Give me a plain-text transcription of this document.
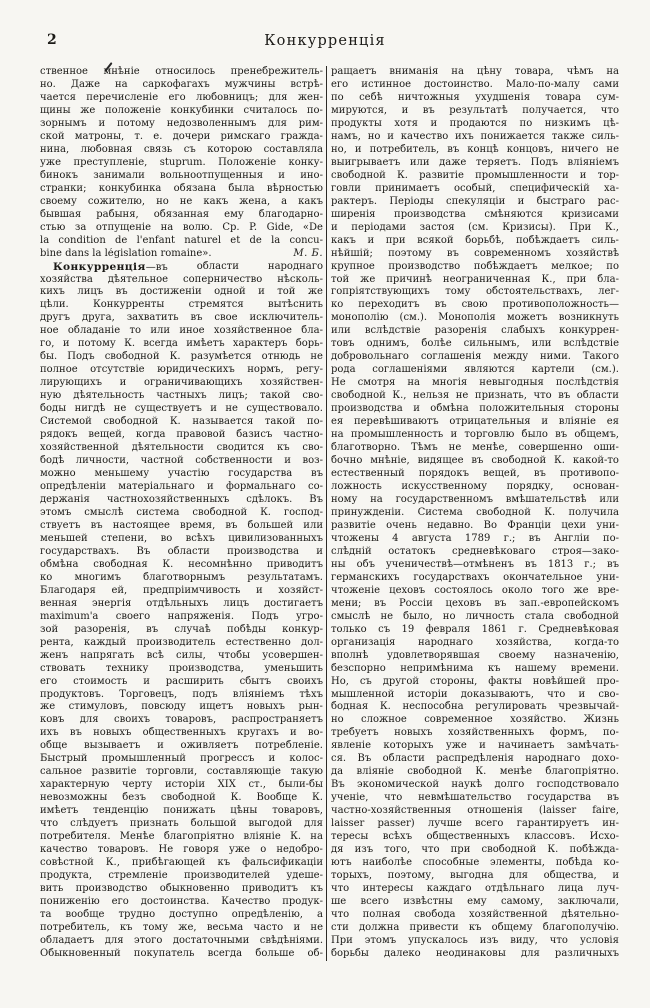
2	Конкурренція
ственное мнѣніе относилось пренебрежитель-
но. Даже на саркофагахъ мужчины встрѣ-
чается перечисленіе его любовницъ; для жен-
щины же положеніе конкубинки считалось по-
зорнымъ и потому недозволеннымъ для рим-
ской матроны, т. е. дочери римскаго гражда-
нина, любовная связь съ которою составляла
уже преступленіе, stuprum. Положеніе конку-
бинокъ занимали вольноотпущенныя и ино-
странки; конкубинка обязана была вѣрностью
своему сожителю, но не какъ жена, а какъ
бывшая рабыня, обязанная ему благодарно-
стью за отпущеніе на волю. Ср. P. Gide, «De
la condition de l'enfant naturel et de la concu-
bine dans la législation romaine».	М. Б.
Конкурренція—въ	области	народнаго
хозяйства дѣятельное соперничество нѣсколь-
кихъ лицъ въ достиженіи одной и той же
цѣли. Конкурренты стремятся вытѣснить
другъ друга, захватить въ свое исключитель-
ное обладаніе то или иное хозяйственное бла-
го, и потому К. всегда имѣетъ характеръ борь-
бы. Подъ свободной К. разумѣется отнюдь не
полное отсутствіе юридическихъ нормъ, регу-
лирующихъ и ограничивающихъ хозяйствен-
ную дѣятельность частныхъ лицъ; такой сво-
боды нигдѣ не существуетъ и не существовало.
Системой свободной К. называется такой по-
рядокъ вещей, когда правовой базисъ частно-
хозяйственной дѣятельности сводится къ сво-
бодѣ личности, частной собственности и воз-
можно меньшему участію государства въ
опредѣленіи матеріальнаго и формальнаго со-
держанія частнохозяйственныхъ сдѣлокъ. Въ
этомъ смыслѣ система свободной К. господ-
ствуетъ въ настоящее время, въ большей или
меньшей степени, во всѣхъ цивилизованныхъ
государствахъ. Въ области производства и
обмѣна свободная К. несомнѣнно приводитъ
ко многимъ благотворнымъ результатамъ.
Благодаря ей, предпріимчивость и хозяйст-
венная энергія отдѣльныхъ лицъ достигаетъ
maximum'а своего напряженія. Подъ угро-
зой разоренія, въ случаѣ побѣды конкур-
рента, каждый производитель естественно дол-
женъ напрягать всѣ силы, чтобы усовершен-
ствовать технику производства, уменьшить
его стоимость и расширить сбытъ своихъ
продуктовъ. Торговецъ, подъ вліяніемъ тѣхъ
же стимуловъ, повсюду ищетъ новыхъ рын-
ковъ для своихъ товаровъ, распространяетъ
ихъ въ новыхъ общественныхъ кругахъ и во-
обще вызываетъ и оживляетъ потребленіе.
Быстрый промышленный прогрессъ и колос-
сальное развитіе торговли, составляющіе такую
характерную черту исторіи XIX ст., были-бы
невозможны безъ свободной К. Вообще К.
имѣетъ тенденцію понижать цѣны товаровъ,
что слѣдуетъ признать большой выгодой для
потребителя. Менѣе благопріятно вліяніе К. на
качество товаровъ. Не говоря уже о недобро-
совѣстной К., прибѣгающей къ фальсификаціи
продукта, стремленіе производителей удеше-
вить производство обыкновенно приводитъ къ
пониженію его достоинства. Качество продук-
та вообще трудно доступно опредѣленію, а
потребитель, къ тому же, весьма часто и не
обладаетъ для этого достаточными свѣдѣніями.
Обыкновенный покупатель всегда больше об-
ращаетъ вниманія на цѣну товара, чѣмъ на
его истинное достоинство. Мало-по-малу сами
по себѣ ничтожныя ухудшенія товара сум-
мируются, и въ результатѣ получается, что
продукты хотя и продаются по низкимъ цѣ-
намъ, но и качество ихъ понижается также силь-
но, и потребитель, въ концѣ концовъ, ничего не
выигрываетъ или даже теряетъ. Подъ вліяніемъ
свободной К. развитіе промышленности и тор-
говли принимаетъ особый, специфическій ха-
рактеръ. Періоды спекуляціи и быстраго рас-
ширенія производства смѣняются кризисами
и періодами застоя (см. Кризисы). При К.,
какъ и при всякой борьбѣ, побѣждаетъ силь-
нѣйшій; поэтому въ современномъ хозяйствѣ
крупное производство побѣждаетъ мелкое; по
той же причинѣ неограниченная К., при бла-
гопріятствующихъ тому обстоятельствахъ, лег-
ко переходитъ въ свою противоположность—
монополію (см.). Монополія можетъ возникнуть
или вслѣдствіе разоренія слабыхъ конкуррен-
товъ однимъ, болѣе сильнымъ, или вслѣдствіе
добровольнаго соглашенія между ними. Такого
рода соглашеніями являются картели (см.).
Не смотря на многія невыгодныя послѣдствія
свободной К., нельзя не признать, что въ области
производства и обмѣна положительныя стороны
ея перевѣшиваютъ отрицательныя и вліяніе ея
на промышленность и торговлю было въ общемъ,
благотворно. Тѣмъ не менѣе, совершенно оши-
бочно мнѣніе, видящее въ свободной К. какой-то
естественный порядокъ вещей, въ противопо-
ложность искусственному порядку, основан-
ному на государственномъ вмѣшательствѣ или
принужденіи. Система свободной К. получила
развитіе очень недавно. Во Франціи цехи уни-
чтожены 4 августа 1789 г.; въ Англіи по-
слѣдній остатокъ средневѣковаго строя—зако-
ны объ ученичествѣ—отмѣненъ въ 1813 г.; въ
германскихъ государствахъ окончательное уни-
чтоженіе цеховъ состоялось около того же вре-
мени; въ Россіи цеховъ въ зап.-европейскомъ
смыслѣ не было, но личность стала свободной
только съ 19 февраля 1861 г. Средневѣковая
организація народнаго хозяйства, когда-то
вполнѣ удовлетворявшая своему назначенію,
безспорно непримѣнима къ нашему времени.
Но, съ другой стороны, факты новѣйшей про-
мышленной исторіи доказываютъ, что и сво-
бодная К. неспособна регулировать чрезвычай-
но сложное современное хозяйство. Жизнь
требуетъ новыхъ хозяйственныхъ формъ, по-
явленіе которыхъ уже и начинаетъ замѣчать-
ся. Въ области распредѣленія народнаго дохо-
да вліяніе свободной К. менѣе благопріятно.
Въ экономической наукѣ долго господствовало
ученіе, что невмѣшательство государства въ
частно-хозяйственныя отношенія (laisser faire,
laisser passer) лучше всего гарантируетъ ин-
тересы всѣхъ общественныхъ классовъ. Исхо-
дя изъ того, что при свободной К. побѣжда-
ютъ наиболѣе способные элементы, побѣда ко-
торыхъ, поэтому, выгодна для общества, и
что интересы каждаго отдѣльнаго лица луч-
ше всего извѣстны ему самому, заключали,
что полная свобода хозяйственной дѣятельно-
сти должна привести къ общему благополучію.
При этомъ упускалось изъ виду, что условія
борьбы далеко неодинаковы для различныхъ
